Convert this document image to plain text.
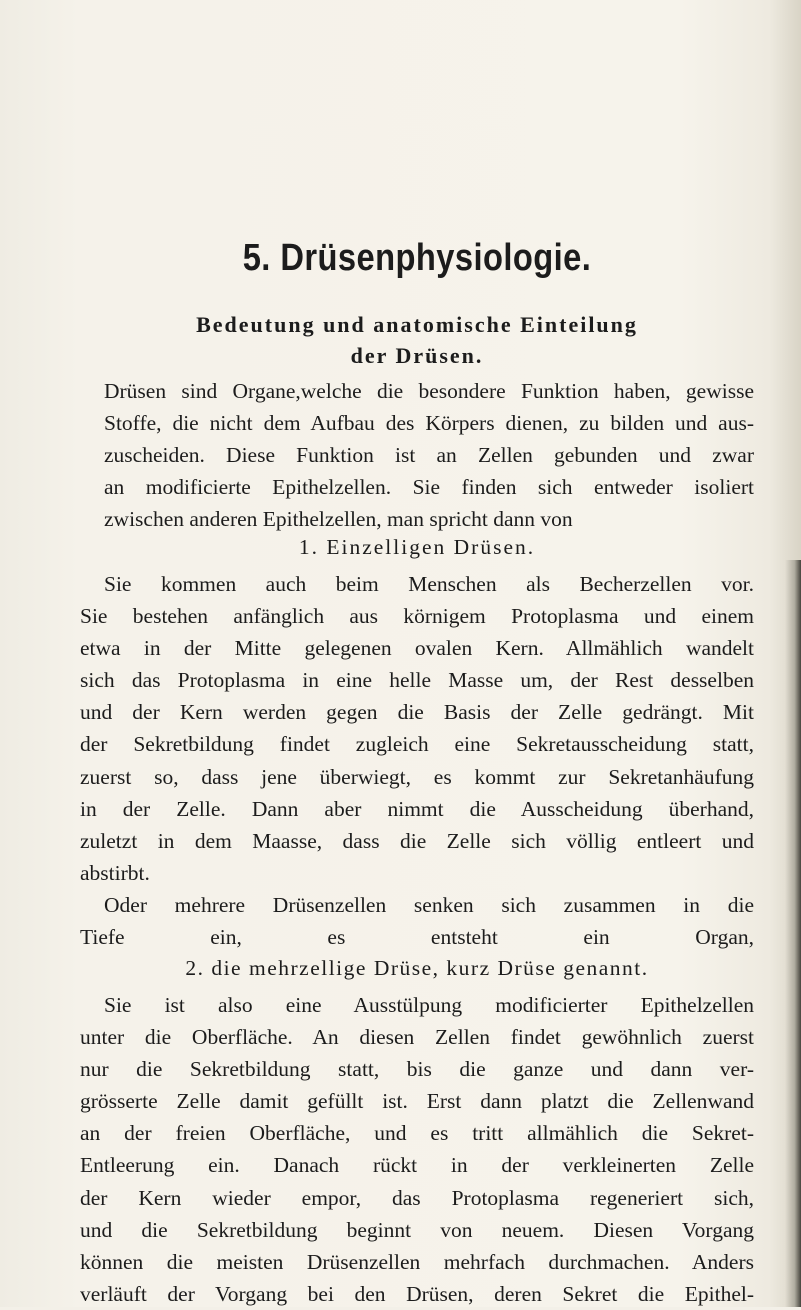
5. Drüsenphysiologie.
Bedeutung und anatomische Einteilung
der Drüsen.

Drüsen sind Organe,welche die besondere Funktion haben, gewisse
Stoffe, die nicht dem Aufbau des Körpers dienen, zu bilden und aus-
zuscheiden. Diese Funktion ist an Zellen gebunden und zwar
an modificierte Epithelzellen. Sie finden sich entweder isoliert
zwischen anderen Epithelzellen, man spricht dann von

1. Einzelligen Drüsen.

Sie kommen auch beim Menschen als Becherzellen vor.
Sie bestehen anfänglich aus körnigem Protoplasma und einem
etwa in der Mitte gelegenen ovalen Kern. Allmählich wandelt
sich das Protoplasma in eine helle Masse um, der Rest desselben
und der Kern werden gegen die Basis der Zelle gedrängt. Mit
der Sekretbildung findet zugleich eine Sekretausscheidung statt,
zuerst so, dass jene überwiegt, es kommt zur Sekretanhäufung
in der Zelle. Dann aber nimmt die Ausscheidung überhand,
zuletzt in dem Maasse, dass die Zelle sich völlig entleert und
abstirbt.

Oder mehrere Drüsenzellen senken sich zusammen in die
Tiefe ein, es entsteht ein Organ,

2. die mehrzellige Drüse, kurz Drüse genannt.

Sie ist also eine Ausstülpung modificierter Epithelzellen
unter die Oberfläche. An diesen Zellen findet gewöhnlich zuerst
nur die Sekretbildung statt, bis die ganze und dann ver-
grösserte Zelle damit gefüllt ist. Erst dann platzt die Zellenwand
an der freien Oberfläche, und es tritt allmählich die Sekret-
Entleerung ein. Danach rückt in der verkleinerten Zelle
der Kern wieder empor, das Protoplasma regeneriert sich,
und die Sekretbildung beginnt von neuem. Diesen Vorgang
können die meisten Drüsenzellen mehrfach durchmachen. Anders
verläuft der Vorgang bei den Drüsen, deren Sekret die Epithel-
